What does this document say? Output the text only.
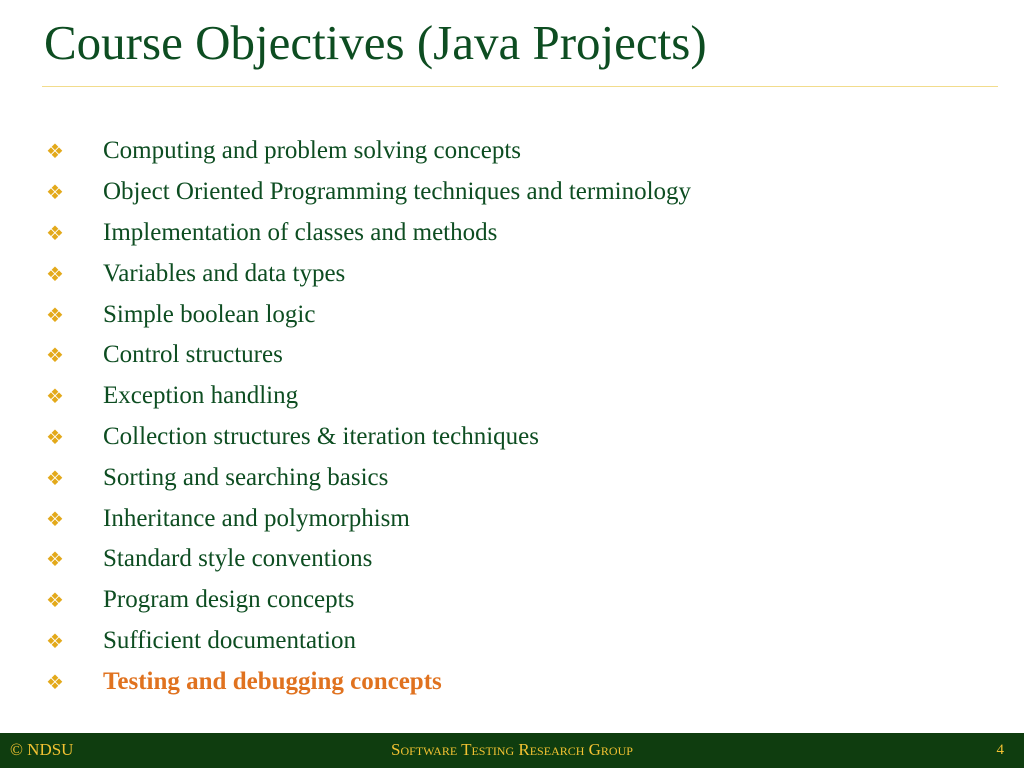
Course Objectives (Java Projects)
❖	Computing and problem solving concepts
❖	Object Oriented Programming techniques and terminology
❖	Implementation of classes and methods
❖	Variables and data types
❖	Simple boolean logic
❖	Control structures
❖	Exception handling
❖	Collection structures & iteration techniques
❖	Sorting and searching basics
❖	Inheritance and polymorphism
❖	Standard style conventions
❖	Program design concepts
❖	Sufficient documentation
❖	Testing and debugging concepts
© NDSU	Software Testing Research Group	4
